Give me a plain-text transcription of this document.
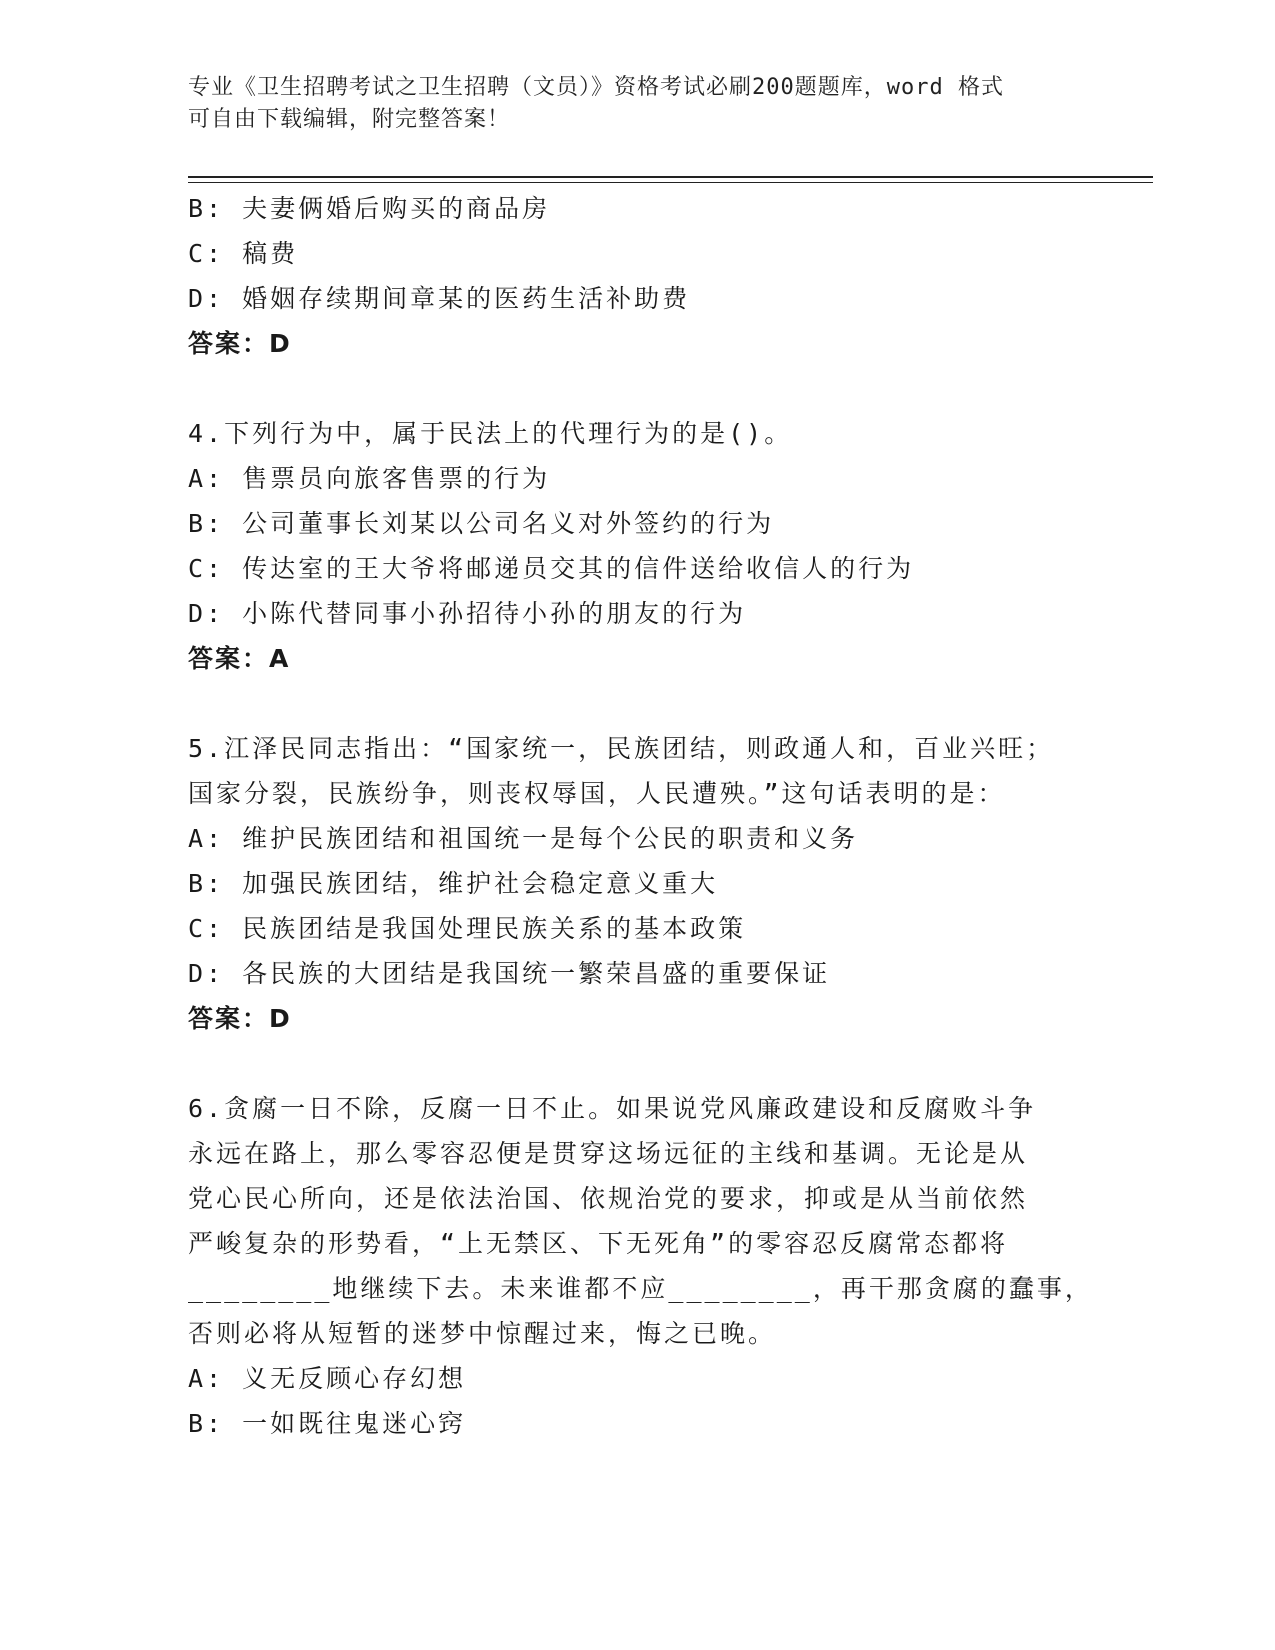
专业《卫生招聘考试之卫生招聘（文员）》资格考试必刷200题题库，word 格式
可自由下载编辑，附完整答案！
B: 夫妻俩婚后购买的商品房
C: 稿费
D: 婚姻存续期间章某的医药生活补助费
答案：D
4.下列行为中，属于民法上的代理行为的是()。
A: 售票员向旅客售票的行为
B: 公司董事长刘某以公司名义对外签约的行为
C: 传达室的王大爷将邮递员交其的信件送给收信人的行为
D: 小陈代替同事小孙招待小孙的朋友的行为
答案：A
5.江泽民同志指出：“国家统一，民族团结，则政通人和，百业兴旺；
国家分裂，民族纷争，则丧权辱国，人民遭殃。”这句话表明的是：
A: 维护民族团结和祖国统一是每个公民的职责和义务
B: 加强民族团结，维护社会稳定意义重大
C: 民族团结是我国处理民族关系的基本政策
D: 各民族的大团结是我国统一繁荣昌盛的重要保证
答案：D
6.贪腐一日不除，反腐一日不止。如果说党风廉政建设和反腐败斗争
永远在路上，那么零容忍便是贯穿这场远征的主线和基调。无论是从
党心民心所向，还是依法治国、依规治党的要求，抑或是从当前依然
严峻复杂的形势看，“上无禁区、下无死角”的零容忍反腐常态都将
________地继续下去。未来谁都不应________，再干那贪腐的蠢事，
否则必将从短暂的迷梦中惊醒过来，悔之已晚。
A: 义无反顾心存幻想
B: 一如既往鬼迷心窍
